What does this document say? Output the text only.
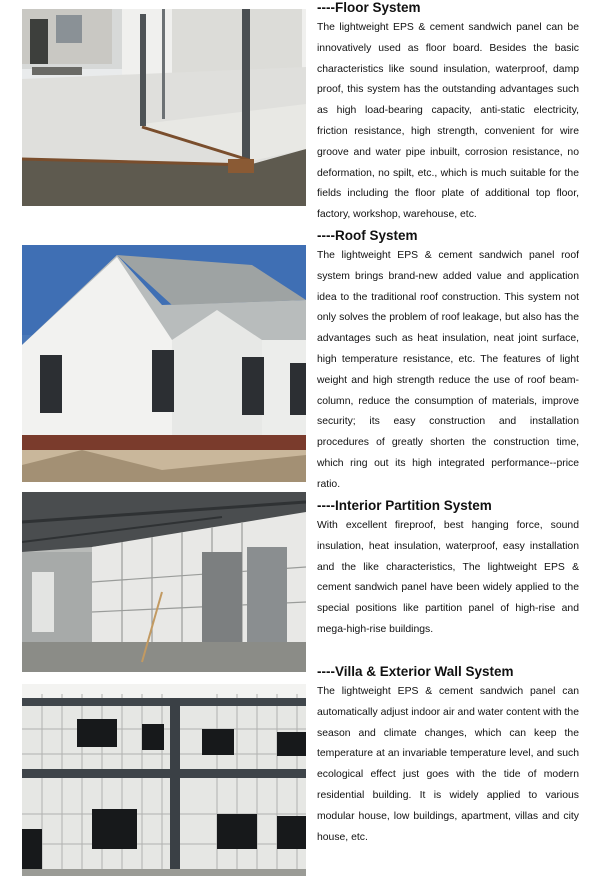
----Floor System

The lightweight EPS & cement sandwich panel can be innovatively used as floor board. Besides the basic characteristics like sound insulation, waterproof, damp proof, this system has the outstanding advantages such as high load-bearing capacity, anti-static electricity, friction resistance, high strength, convenient for wire groove and water pipe inbuilt, corrosion resistance, no deformation, no spilt, etc., which is much suitable for the fields including the floor plate of additional top floor, factory, workshop, warehouse, etc.

----Roof System

The lightweight EPS & cement sandwich panel roof system brings brand-new added value and application idea to the traditional roof construction. This system not only solves the problem of roof leakage, but also has the advantages such as heat insulation, neat joint surface, high temperature resistance, etc. The features of light weight and high strength reduce the use of roof beam-column, reduce the consumption of materials, improve security; its easy construction and installation procedures of greatly shorten the construction time, which ring out its high integrated performance--price ratio.

----Interior Partition System

With excellent fireproof, best hanging force, sound insulation, heat insulation, waterproof, easy installation and the like characteristics, The lightweight EPS & cement sandwich panel have been widely applied to the special positions like partition panel of high-rise and mega-high-rise buildings.

----Villa & Exterior Wall System

The lightweight EPS & cement sandwich panel can automatically adjust indoor air and water content with the season and climate changes, which can keep the temperature at an invariable temperature level, and such ecological effect just goes with the tide of modern residential building. It is widely applied to various modular house, low buildings, apartment, villas and city house, etc.
